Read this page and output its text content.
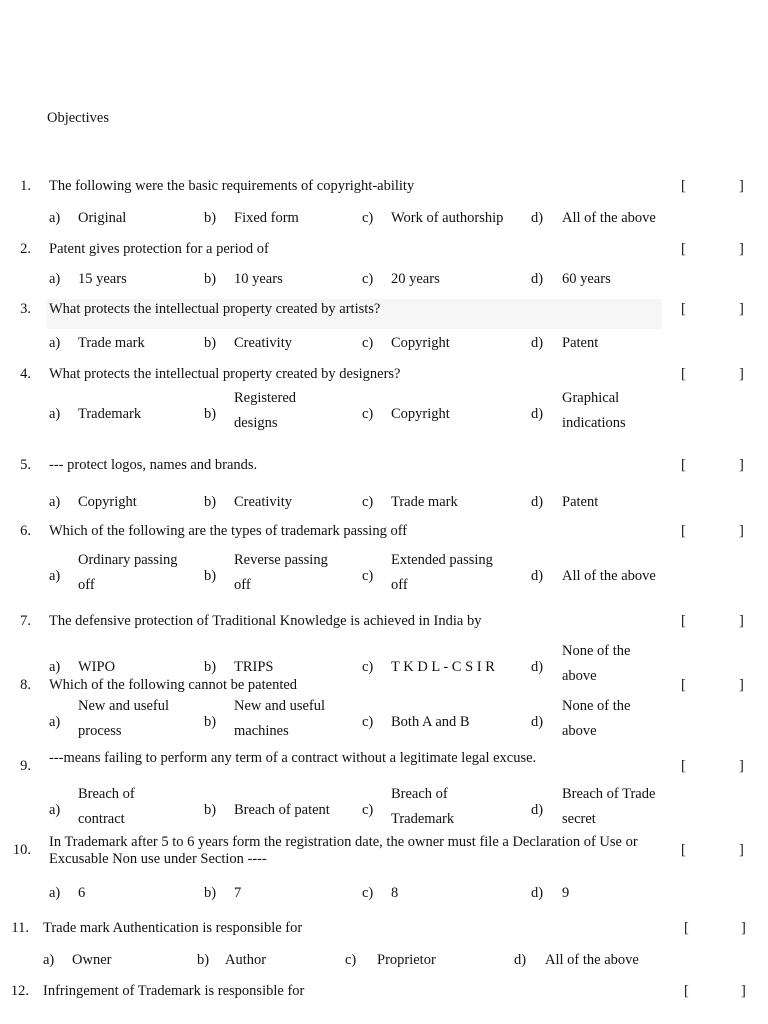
Objectives
1. The following were the basic requirements of copyright-ability	[	]
a) Original	b) Fixed form	c) Work of authorship d) All of the above
2. Patent gives protection for a period of	[	]
a) 15 years	b) 10 years	c) 20 years	d) 60 years
3. What protects the intellectual property created by artists?	[	]
a) Trade mark	b) Creativity	c) Copyright	d) Patent
4. What protects the intellectual property created by designers?	[	]
a) Trademark	b)
Registered
designs
c) Copyright	d)
Graphical
indications
5. --- protect logos, names and brands.	[	]
a) Copyright	b) Creativity	c) Trade mark	d) Patent
6. Which of the following are the types of trademark passing off	[	]
a)
Ordinary passing
off
b)
Reverse passing
off
c)
Extended passing
off
d) All of the above
7. The defensive protection of Traditional Knowledge is achieved in India by	[	]
a) WIPO	b) TRIPS	c) T K D L - C S I R d)
None of the
above
8. Which of the following cannot be patented	[	]
a)
New and useful
process
b)
New and useful
machines
c) Both A and B	d)
None of the
above
9. ---means failing to perform any term of a contract without a legitimate legal excuse.	[	]
a)
Breach of
contract
b) Breach of patent c)
Breach of
Trademark
d)
Breach of Trade
secret
10. In Trademark after 5 to 6 years form the registration date, the owner must file a Declaration of Use or Excusable Non use under Section ----
[	]
a) 6	b) 7	c) 8	d) 9
11. Trade mark Authentication is responsible for	[	]
a) Owner	b) Author	c) Proprietor	d) All of the above
12. Infringement of Trademark is responsible for	[	]
